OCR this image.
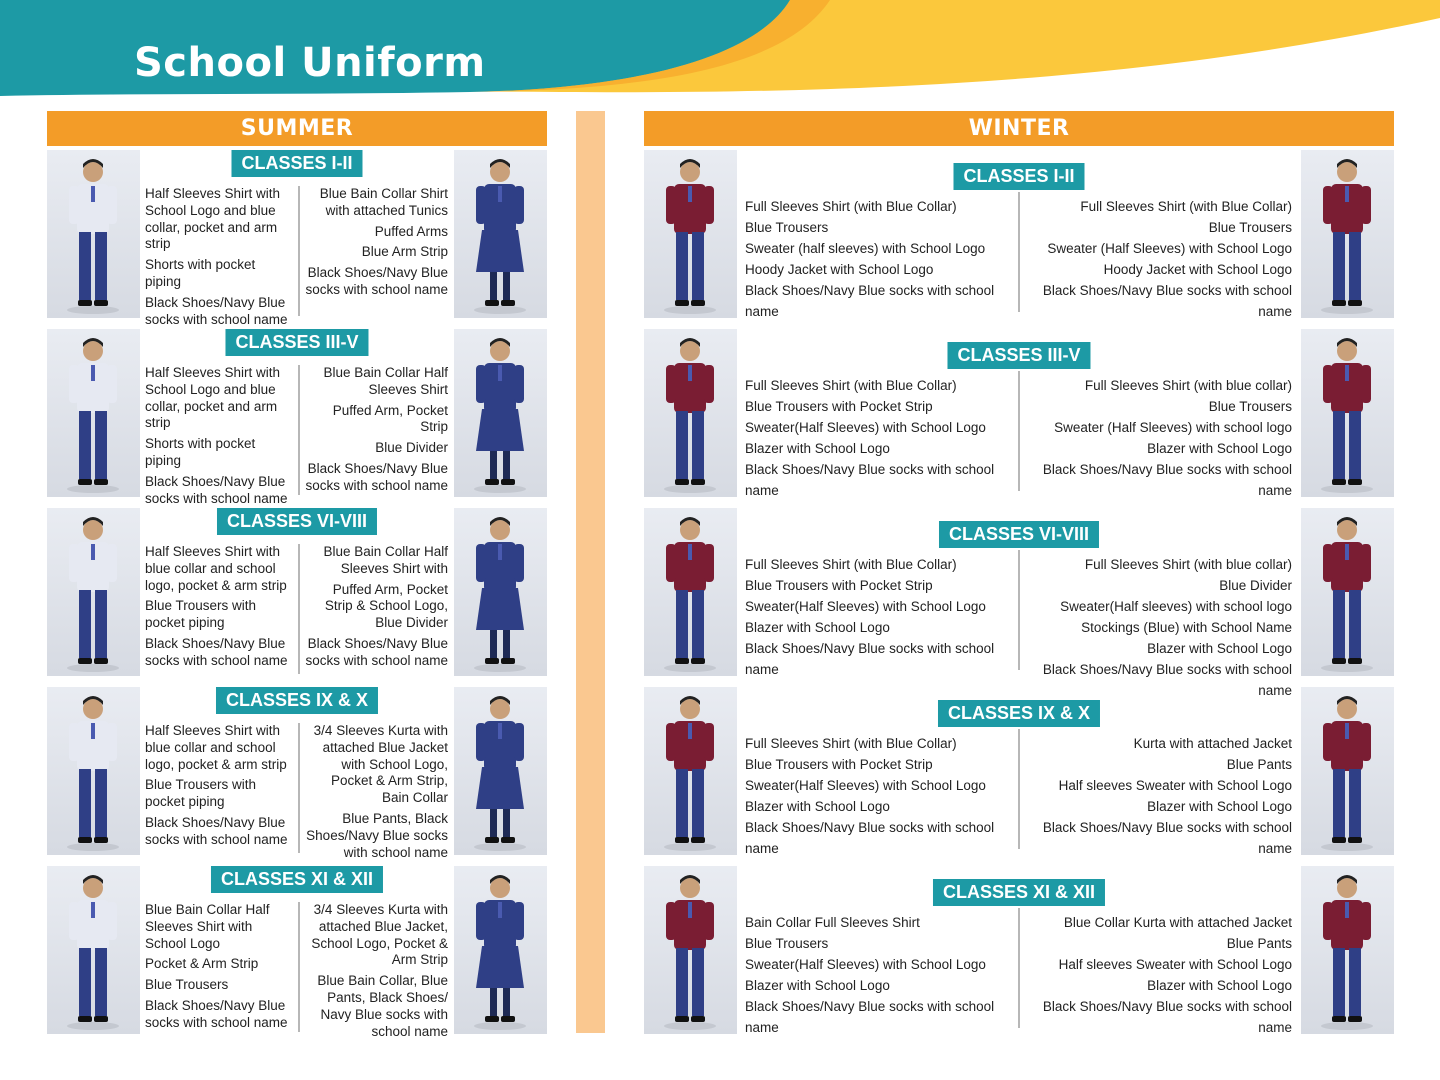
School Uniform
SUMMER
CLASSES I-II

Half Sleeves Shirt with School Logo and blue collar, pocket and arm strip

Shorts with pocket piping

Black Shoes/Navy Blue socks with school name

Blue Bain Collar Shirt with attached Tunics

Puffed Arms

Blue Arm Strip

Black Shoes/Navy Blue socks with school name

CLASSES III-V

Half Sleeves Shirt with School Logo and blue collar, pocket and arm strip

Shorts with pocket piping

Black Shoes/Navy Blue socks with school name

Blue Bain Collar Half Sleeves Shirt

Puffed Arm, Pocket Strip

Blue Divider

Black Shoes/Navy Blue socks with school name

CLASSES VI-VIII

Half Sleeves Shirt with blue collar and school logo, pocket & arm strip

Blue Trousers with pocket piping

Black Shoes/Navy Blue socks with school name

Blue Bain Collar Half Sleeves Shirt with

Puffed Arm, Pocket Strip & School Logo, Blue Divider

Black Shoes/Navy Blue socks with school name

CLASSES IX & X

Half Sleeves Shirt with blue collar and school logo, pocket & arm strip

Blue Trousers with pocket piping

Black Shoes/Navy Blue socks with school name

3/4 Sleeves Kurta with attached Blue Jacket with School Logo, Pocket & Arm Strip, Bain Collar

Blue Pants, Black Shoes/Navy Blue socks with school name

CLASSES XI & XII

Blue Bain Collar Half Sleeves Shirt with School Logo

Pocket & Arm Strip

Blue Trousers

Black Shoes/Navy Blue socks with school name

3/4 Sleeves Kurta with attached Blue Jacket, School Logo, Pocket & Arm Strip

Blue Bain Collar, Blue Pants, Black Shoes/ Navy Blue socks with school name

WINTER
CLASSES I-II

Full Sleeves Shirt (with Blue Collar)

Blue Trousers

Sweater (half sleeves) with School Logo

Hoody Jacket with School Logo

Black Shoes/Navy Blue socks with school name

Full Sleeves Shirt (with Blue Collar)

Blue Trousers

Sweater (Half Sleeves) with School Logo

Hoody Jacket with School Logo

Black Shoes/Navy Blue socks with school name

CLASSES III-V

Full Sleeves Shirt (with Blue Collar)

Blue Trousers with Pocket Strip

Sweater(Half Sleeves) with School Logo

Blazer with School Logo

Black Shoes/Navy Blue socks with school name

Full Sleeves Shirt (with blue collar)

Blue Trousers

Sweater (Half Sleeves) with school logo

Blazer with School Logo

Black Shoes/Navy Blue socks with school name

CLASSES VI-VIII

Full Sleeves Shirt (with Blue Collar)

Blue Trousers with Pocket Strip

Sweater(Half Sleeves) with School Logo

Blazer with School Logo

Black Shoes/Navy Blue socks with school name

Full Sleeves Shirt (with blue collar)

Blue Divider

Sweater(Half sleeves) with school logo

Stockings (Blue) with School Name

Blazer with School Logo

Black Shoes/Navy Blue socks with school name

CLASSES IX & X

Full Sleeves Shirt (with Blue Collar)

Blue Trousers with Pocket Strip

Sweater(Half Sleeves) with School Logo

Blazer with School Logo

Black Shoes/Navy Blue socks with school name

Kurta with attached Jacket

Blue Pants

Half sleeves Sweater with School Logo

Blazer with School Logo

Black Shoes/Navy Blue socks with school name

CLASSES XI & XII

Bain Collar Full Sleeves Shirt

Blue Trousers

Sweater(Half Sleeves) with School Logo

Blazer with School Logo

Black Shoes/Navy Blue socks with school name

Blue Collar Kurta with attached Jacket

Blue Pants

Half sleeves Sweater with School Logo

Blazer with School Logo

Black Shoes/Navy Blue socks with school name
